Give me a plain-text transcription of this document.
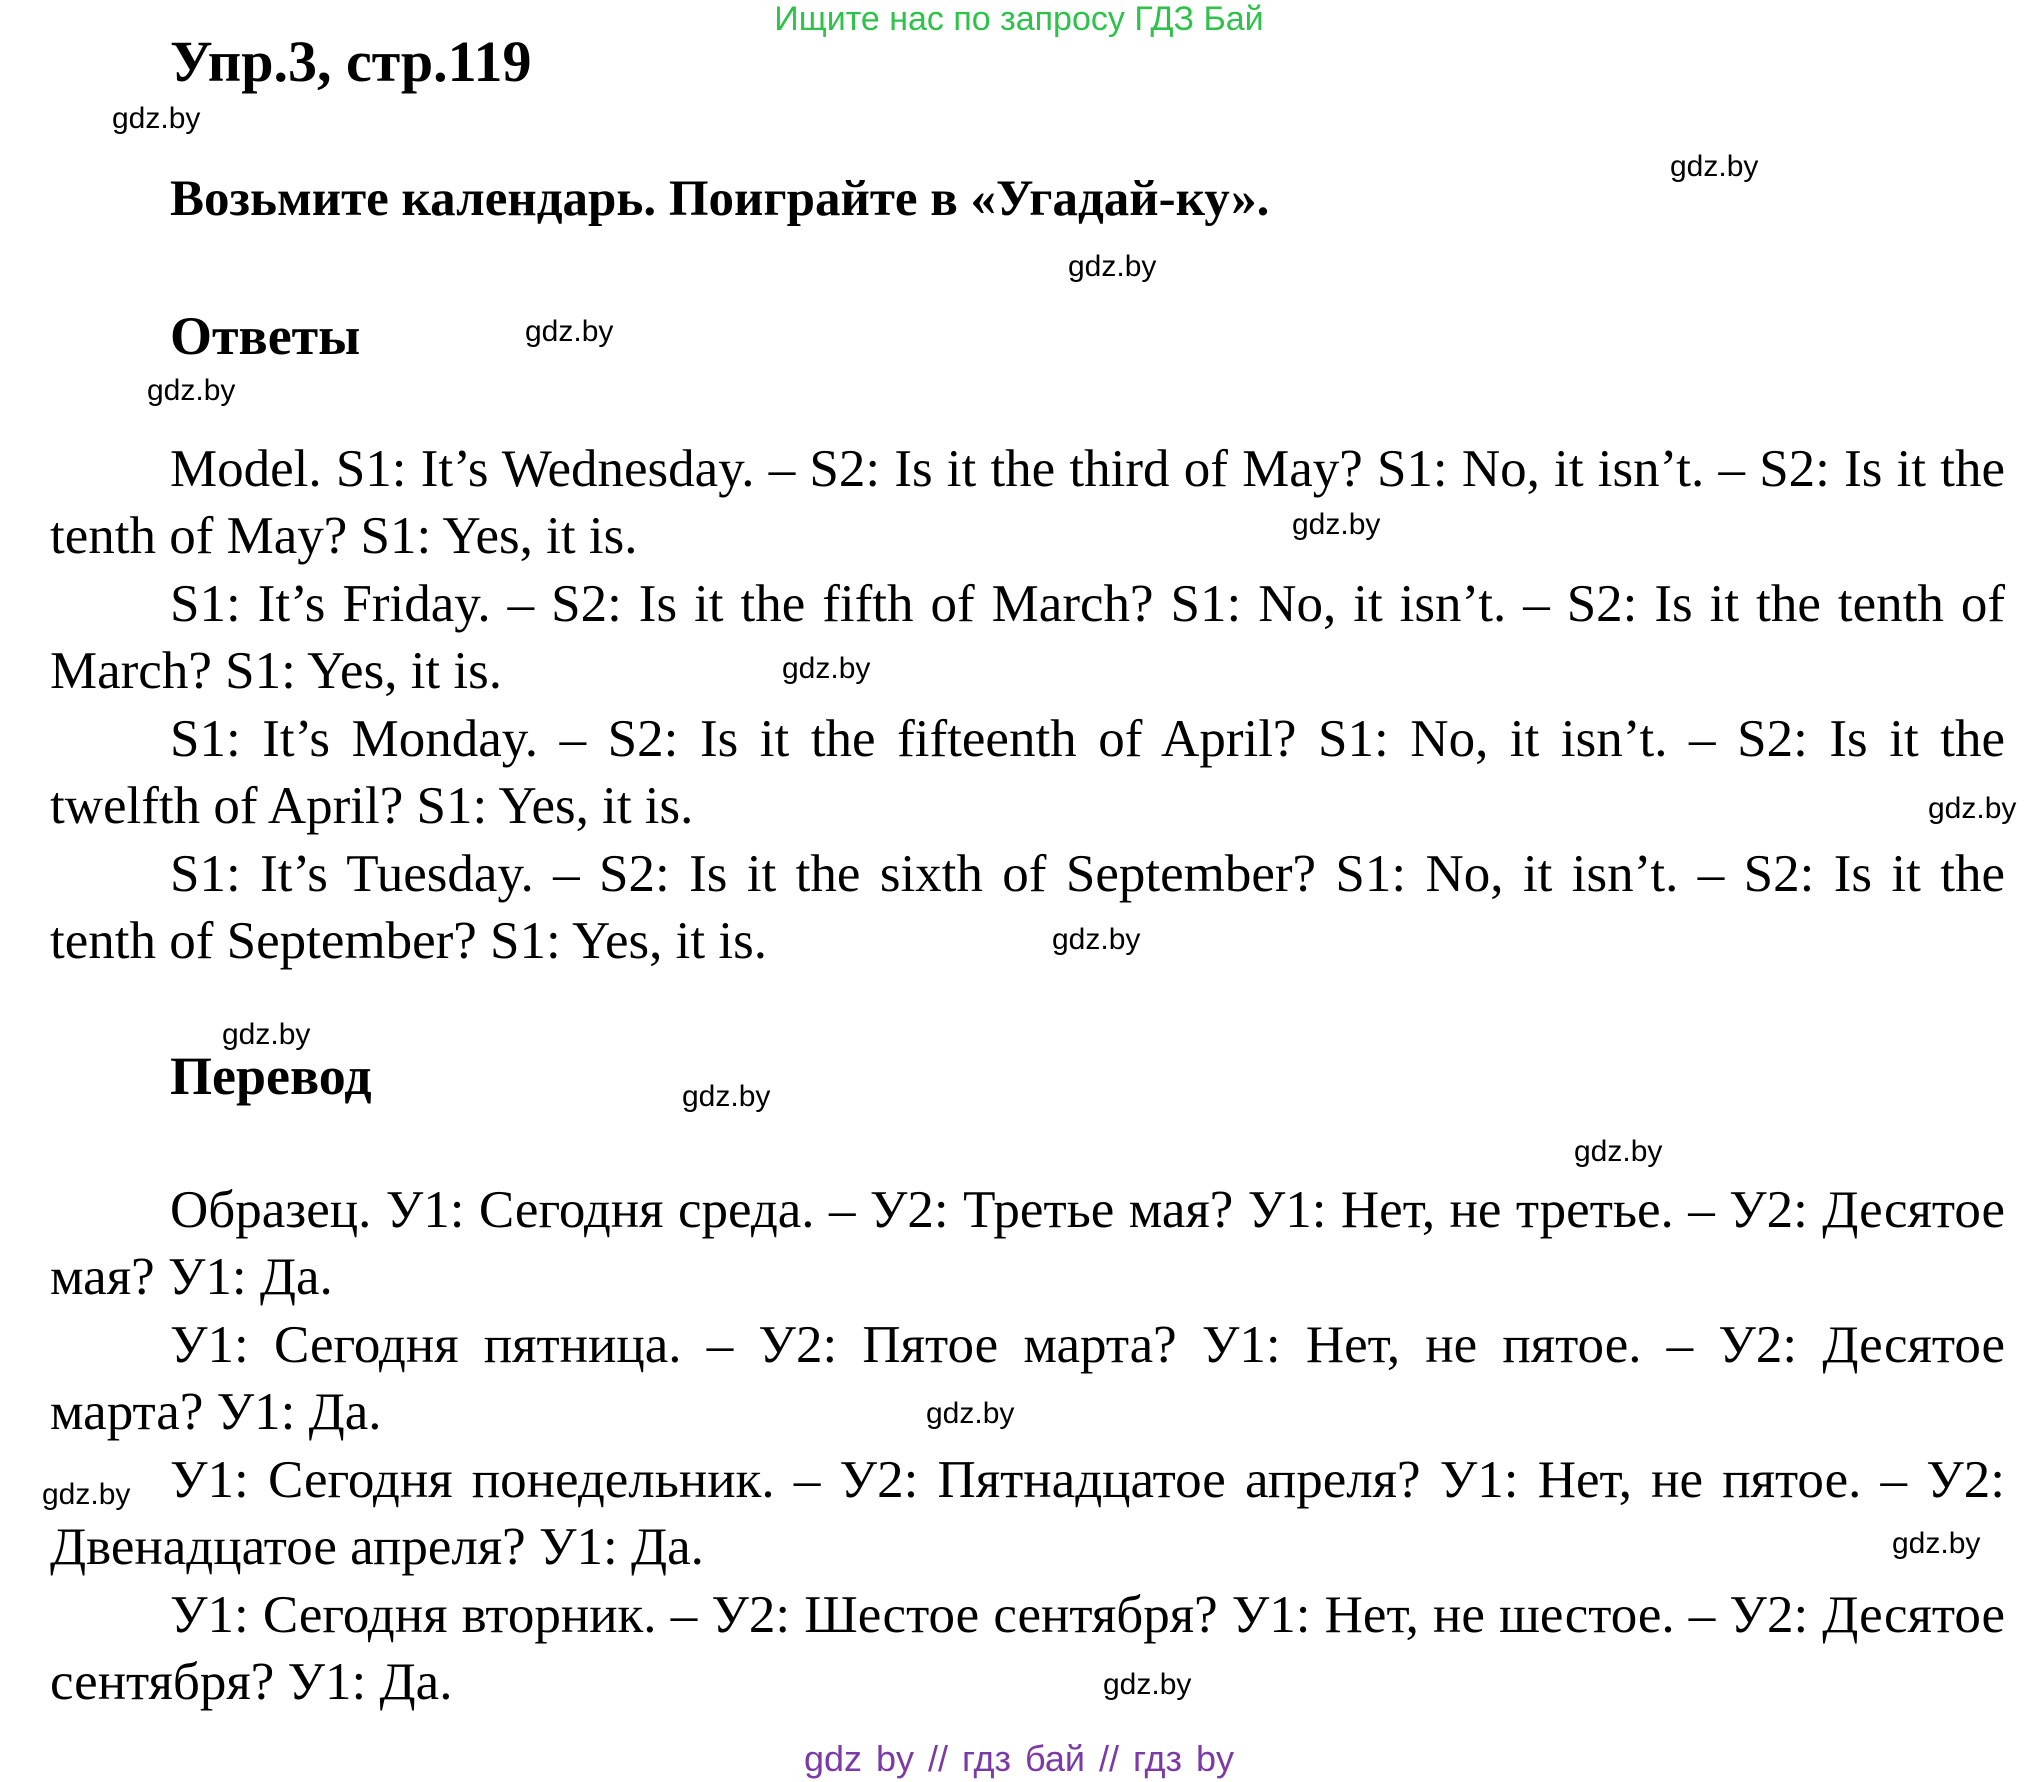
Ищите нас по запросу ГДЗ Бай
Упр.3, стр.119
Возьмите календарь. Поиграйте в «Угадай-ку».
Ответы
Model. S1: It’s Wednesday. – S2: Is it the third of May? S1: No, it isn’t. – S2: Is it the tenth of May? S1: Yes, it is.
S1: It’s Friday. – S2: Is it the fifth of March? S1: No, it isn’t. – S2: Is it the tenth of March? S1: Yes, it is.
S1: It’s Monday. – S2: Is it the fifteenth of April? S1: No, it isn’t. – S2: Is it the twelfth of April? S1: Yes, it is.
S1: It’s Tuesday. – S2: Is it the sixth of September? S1: No, it isn’t. – S2: Is it the tenth of September? S1: Yes, it is.
Перевод
Образец. У1: Сегодня среда. – У2: Третье мая? У1: Нет, не третье. – У2: Десятое мая? У1: Да.
У1: Сегодня пятница. – У2: Пятое марта? У1: Нет, не пятое. – У2: Десятое марта? У1: Да.
У1: Сегодня понедельник. – У2: Пятнадцатое апреля? У1: Нет, не пятое. – У2: Двенадцатое апреля? У1: Да.
У1: Сегодня вторник. – У2: Шестое сентября? У1: Нет, не шестое. – У2: Десятое сентября? У1: Да.
gdz.by
gdz.by
gdz.by
gdz.by
gdz.by
gdz.by
gdz.by
gdz.by
gdz.by
gdz.by
gdz.by
gdz.by
gdz.by
gdz.by
gdz.by
gdz.by
gdz by // гдз бай // гдз by
